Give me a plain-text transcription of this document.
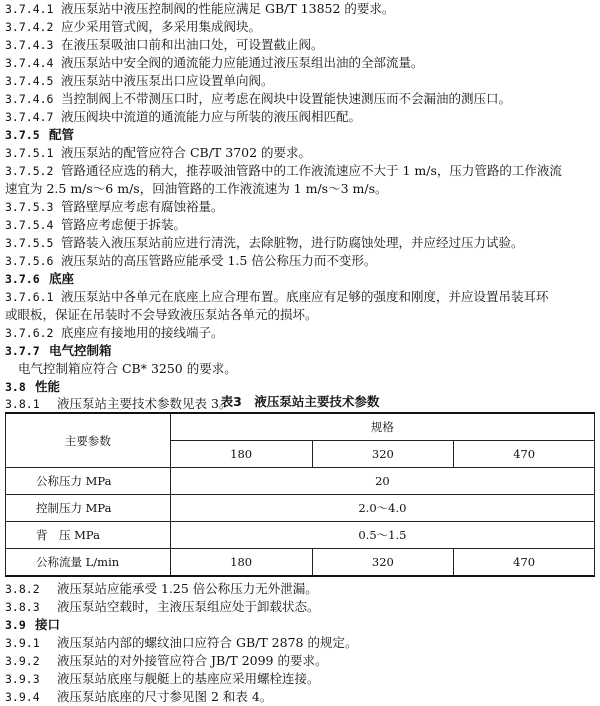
3.7.4.1 液压泵站中液压控制阀的性能应满足 GB/T 13852 的要求。
3.7.4.2 应少采用管式阀，多采用集成阀块。
3.7.4.3 在液压泵吸油口前和出油口处，可设置截止阀。
3.7.4.4 液压泵站中安全阀的通流能力应能通过液压泵组出油的全部流量。
3.7.4.5 液压泵站中液压泵出口应设置单向阀。
3.7.4.6 当控制阀上不带测压口时，应考虑在阀块中设置能快速测压而不会漏油的测压口。
3.7.4.7 液压阀块中流道的通流能力应与所装的液压阀相匹配。
3.7.5 配管
3.7.5.1 液压泵站的配管应符合 CB/T 3702 的要求。
3.7.5.2 管路通径应选的稍大，推荐吸油管路中的工作液流速应不大于 1 m/s，压力管路的工作液流
速宜为 2.5 m/s～6 m/s，回油管路的工作液流速为 1 m/s～3 m/s。
3.7.5.3 管路壁厚应考虑有腐蚀裕量。
3.7.5.4 管路应考虑便于拆装。
3.7.5.5 管路装入液压泵站前应进行清洗，去除脏物，进行防腐蚀处理，并应经过压力试验。
3.7.5.6 液压泵站的高压管路应能承受 1.5 倍公称压力而不变形。
3.7.6 底座
3.7.6.1 液压泵站中各单元在底座上应合理布置。底座应有足够的强度和刚度，并应设置吊装耳环
或眼板，保证在吊装时不会导致液压泵站各单元的损坏。
3.7.6.2 底座应有接地用的接线端子。
3.7.7 电气控制箱
电气控制箱应符合 CB* 3250 的要求。
3.8 性能
3.8.1 液压泵站主要技术参数见表 3。
表3　液压泵站主要技术参数
主要参数	规格		
	180	320	470
公称压力 MPa	20		
控制压力 MPa	2.0～4.0		
背　压 MPa	0.5～1.5		
公称流量 L/min	180	320	470
3.8.2 液压泵站应能承受 1.25 倍公称压力无外泄漏。
3.8.3 液压泵站空载时，主液压泵组应处于卸载状态。
3.9 接口
3.9.1 液压泵站内部的螺纹油口应符合 GB/T 2878 的规定。
3.9.2 液压泵站的对外接管应符合 JB/T 2099 的要求。
3.9.3 液压泵站底座与舰艇上的基座应采用螺栓连接。
3.9.4 液压泵站底座的尺寸参见图 2 和表 4。
